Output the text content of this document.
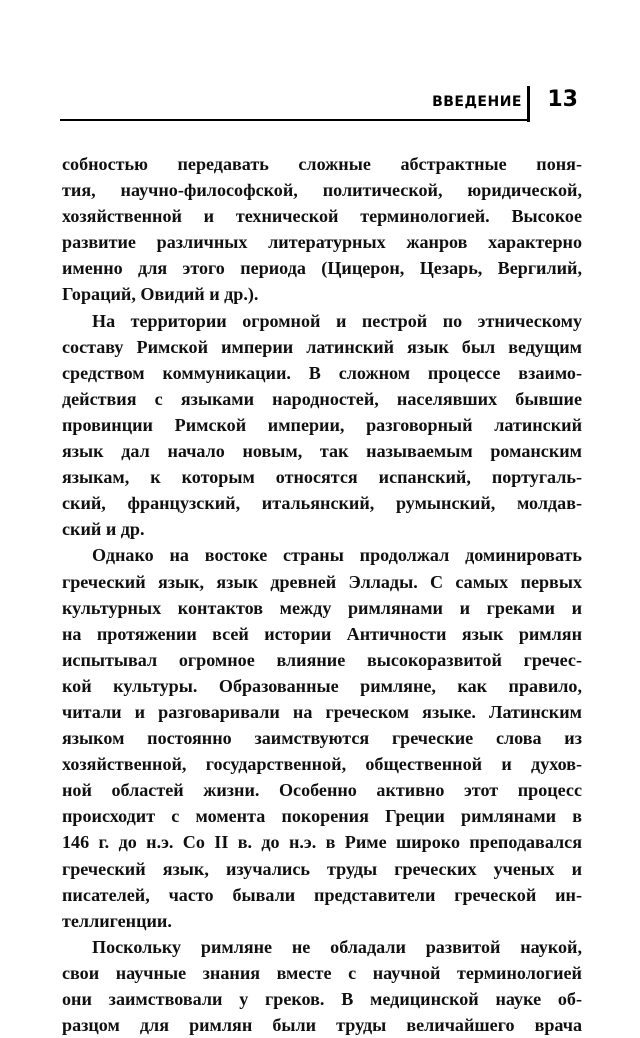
ВВЕДЕНИЕ 13
собностью передавать сложные абстрактные поня-
тия, научно-философской, политической, юридической,
хозяйственной и технической терминологией. Высокое
развитие различных литературных жанров характерно
именно для этого периода (Цицерон, Цезарь, Вергилий,
Гораций, Овидий и др.).
На территории огромной и пестрой по этническому
составу Римской империи латинский язык был ведущим
средством коммуникации. В сложном процессе взаимо-
действия с языками народностей, населявших бывшие
провинции Римской империи, разговорный латинский
язык дал начало новым, так называемым романским
языкам, к которым относятся испанский, португаль-
ский, французский, итальянский, румынский, молдав-
ский и др.
Однако на востоке страны продолжал доминировать
греческий язык, язык древней Эллады. С самых первых
культурных контактов между римлянами и греками и
на протяжении всей истории Античности язык римлян
испытывал огромное влияние высокоразвитой гречес-
кой культуры. Образованные римляне, как правило,
читали и разговаривали на греческом языке. Латинским
языком постоянно заимствуются греческие слова из
хозяйственной, государственной, общественной и духов-
ной областей жизни. Особенно активно этот процесс
происходит с момента покорения Греции римлянами в
146 г. до н.э. Со II в. до н.э. в Риме широко преподавался
греческий язык, изучались труды греческих ученых и
писателей, часто бывали представители греческой ин-
теллигенции.
Поскольку римляне не обладали развитой наукой,
свои научные знания вместе с научной терминологией
они заимствовали у греков. В медицинской науке об-
разцом для римлян были труды величайшего врача
